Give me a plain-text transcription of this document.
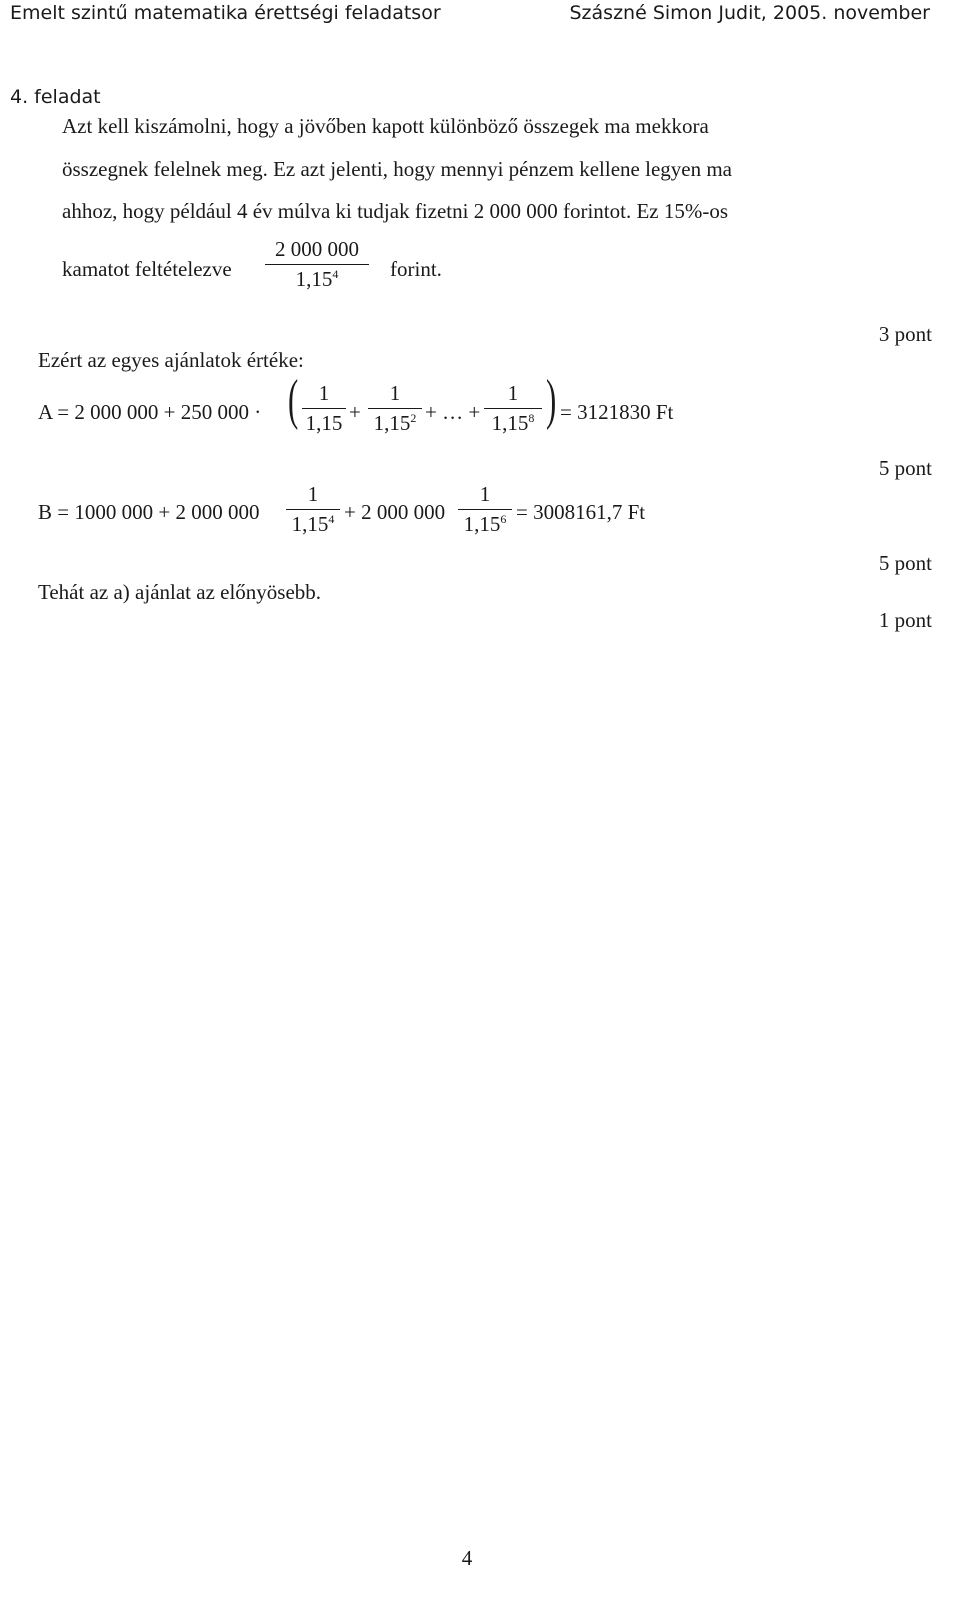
Emelt szintű matematika érettségi feladatsor	Szászné Simon Judit, 2005. november
4. feladat
Azt kell kiszámolni, hogy a jövőben kapott különböző összegek ma mekkora
összegnek felelnek meg. Ez azt jelenti, hogy mennyi pénzem kellene legyen ma
ahhoz, hogy például 4 év múlva ki tudjak fizetni 2 000 000 forintot. Ez 15%-os
kamatot feltételezve
2 000 000
1,15$^4$ forint.
Ezért az egyes ajánlatok értéke:
A = 2 000 000 + 250 000 · ( 1
1,15 +
1
$1,15^2$ + … +
1
1,15$^8$ ) = 3121830 Ft
B = 1000 000 + 2 000 000
1
$1,15^4 + 2$ 000 000
1
$1,15^6 = 3008161,7$ Ft
Tehát az a) ajánlat az előnyösebb.
3 pont
5 pont
5 pont
1 pont
4
